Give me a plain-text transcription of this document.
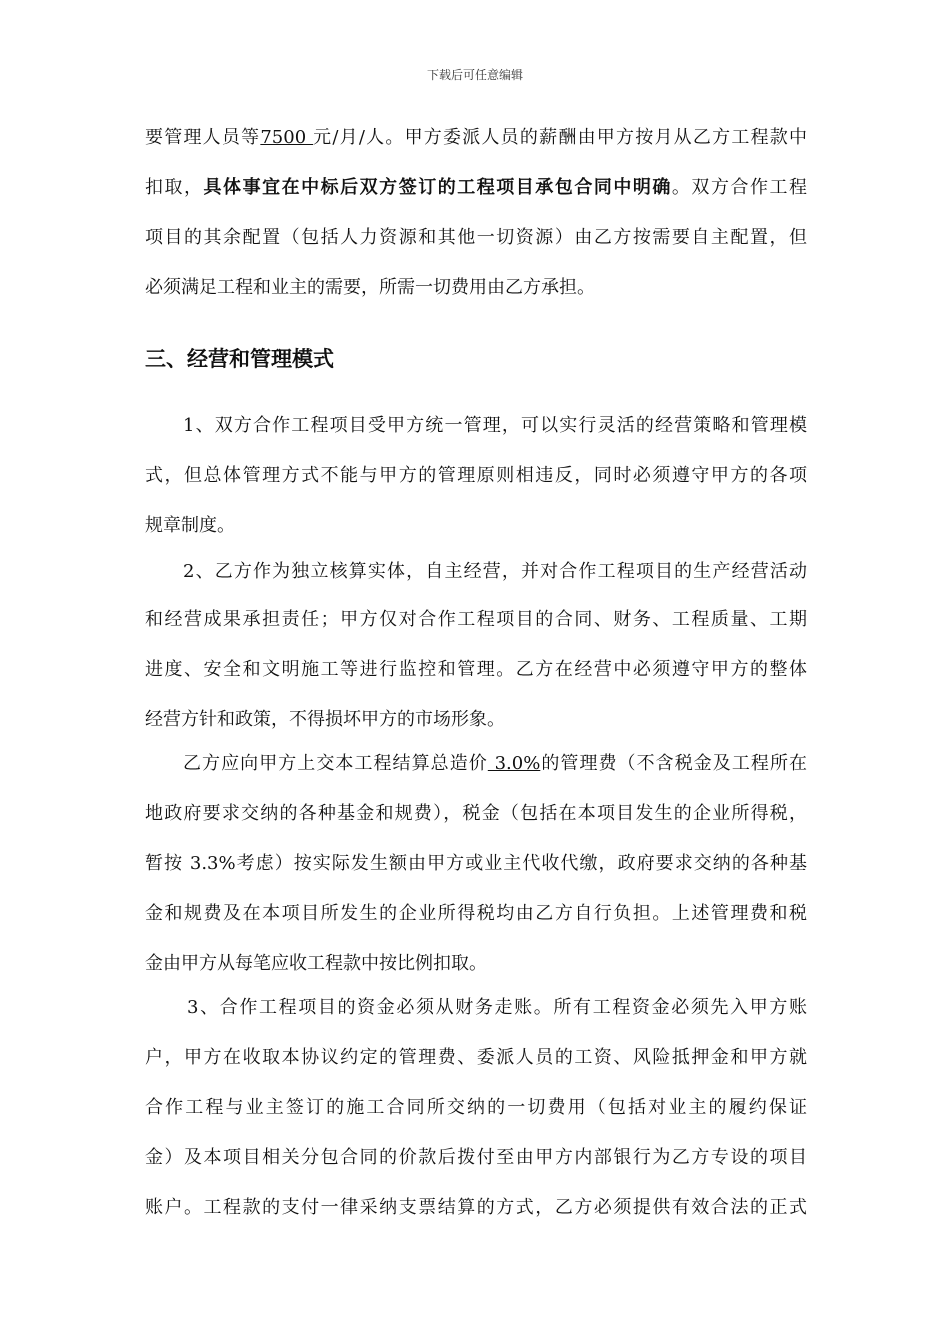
下载后可任意编辑
要管理人员等7500 元/月/人。甲方委派人员的薪酬由甲方按月从乙方工程款中
扣取，具体事宜在中标后双方签订的工程项目承包合同中明确。双方合作工程
项目的其余配置（包括人力资源和其他一切资源）由乙方按需要自主配置，但
必须满足工程和业主的需要，所需一切费用由乙方承担。
三、经营和管理模式
1、双方合作工程项目受甲方统一管理，可以实行灵活的经营策略和管理模
式，但总体管理方式不能与甲方的管理原则相违反，同时必须遵守甲方的各项
规章制度。
2、乙方作为独立核算实体，自主经营，并对合作工程项目的生产经营活动
和经营成果承担责任；甲方仅对合作工程项目的合同、财务、工程质量、工期
进度、安全和文明施工等进行监控和管理。乙方在经营中必须遵守甲方的整体
经营方针和政策，不得损坏甲方的市场形象。
乙方应向甲方上交本工程结算总造价 3.0%的管理费（不含税金及工程所在
地政府要求交纳的各种基金和规费），税金（包括在本项目发生的企业所得税，
暂按 3.3%考虑）按实际发生额由甲方或业主代收代缴，政府要求交纳的各种基
金和规费及在本项目所发生的企业所得税均由乙方自行负担。上述管理费和税
金由甲方从每笔应收工程款中按比例扣取。
3、合作工程项目的资金必须从财务走账。所有工程资金必须先入甲方账
户，甲方在收取本协议约定的管理费、委派人员的工资、风险抵押金和甲方就
合作工程与业主签订的施工合同所交纳的一切费用（包括对业主的履约保证
金）及本项目相关分包合同的价款后拨付至由甲方内部银行为乙方专设的项目
账户。工程款的支付一律采纳支票结算的方式，乙方必须提供有效合法的正式
